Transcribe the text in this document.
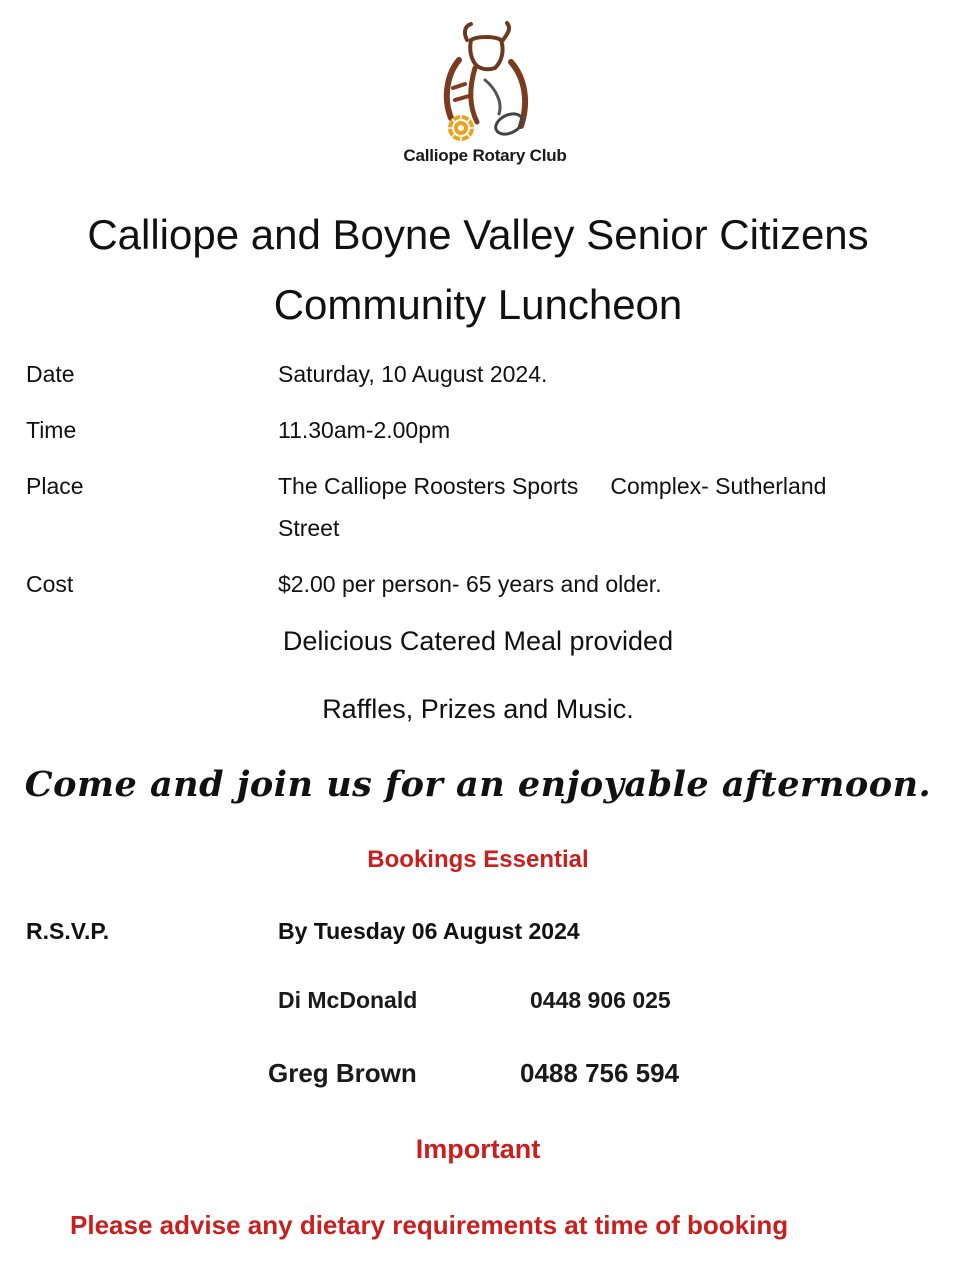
Calliope Rotary Club
Calliope and Boyne Valley Senior Citizens
Community Luncheon
Date	Saturday, 10 August 2024.
Time	11.30am-2.00pm
Place	The Calliope Roosters Sports     Complex- Sutherland
Street
Cost	$2.00 per person- 65 years and older.
Delicious Catered Meal provided
Raffles, Prizes and Music.
Come and join us for an enjoyable afternoon.
Bookings Essential
R.S.V.P.	By Tuesday 06 August 2024
Di McDonald	0448 906 025
Greg Brown	0488 756 594
Important
Please advise any dietary requirements at time of booking
